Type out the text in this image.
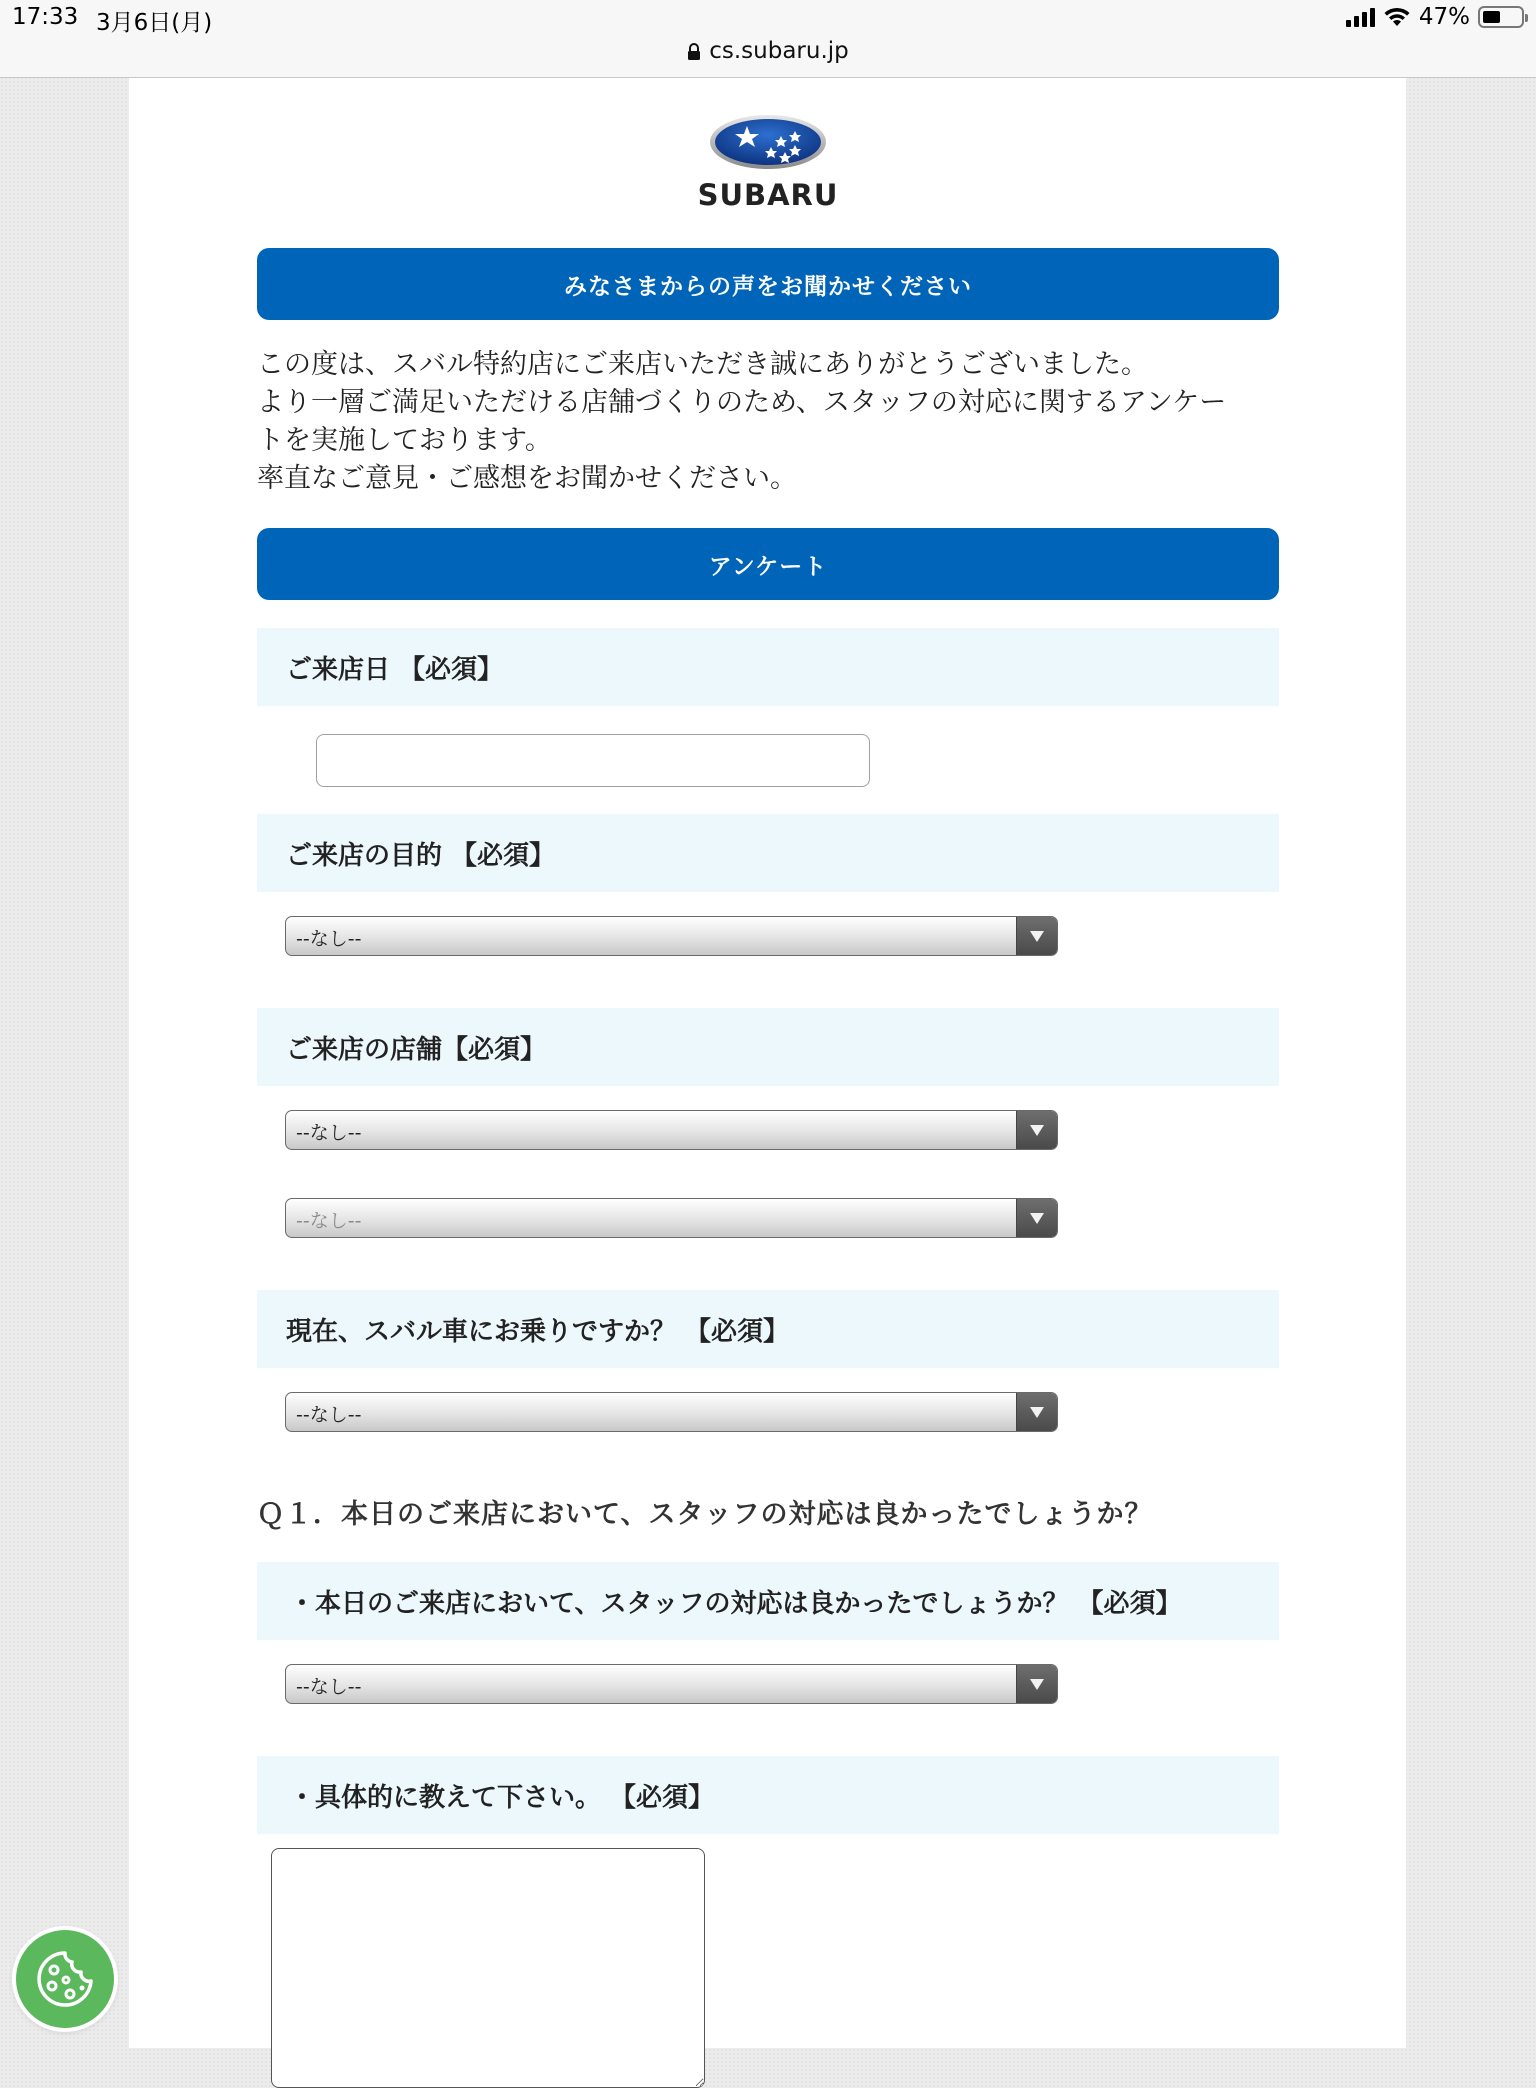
17:33 3月6日(月)	47%
cs.subaru.jp
SUBARU
みなさまからの声をお聞かせください

この度は、スバル特約店にご来店いただき誠にありがとうございました。

より一層ご満足いただける店舗づくりのため、スタッフの対応に関するアンケー

トを実施しております。

率直なご意見・ご感想をお聞かせください。

アンケート
ご来店日 【必須】
ご来店の目的 【必須】
--なし--
ご来店の店舗【必須】
--なし--
--なし--
現在、スバル車にお乗りですか？ 【必須】
--なし--
Ｑ１．本日のご来店において、スタッフの対応は良かったでしょうか？
・本日のご来店において、スタッフの対応は良かったでしょうか？ 【必須】
--なし--
・具体的に教えて下さい。 【必須】
